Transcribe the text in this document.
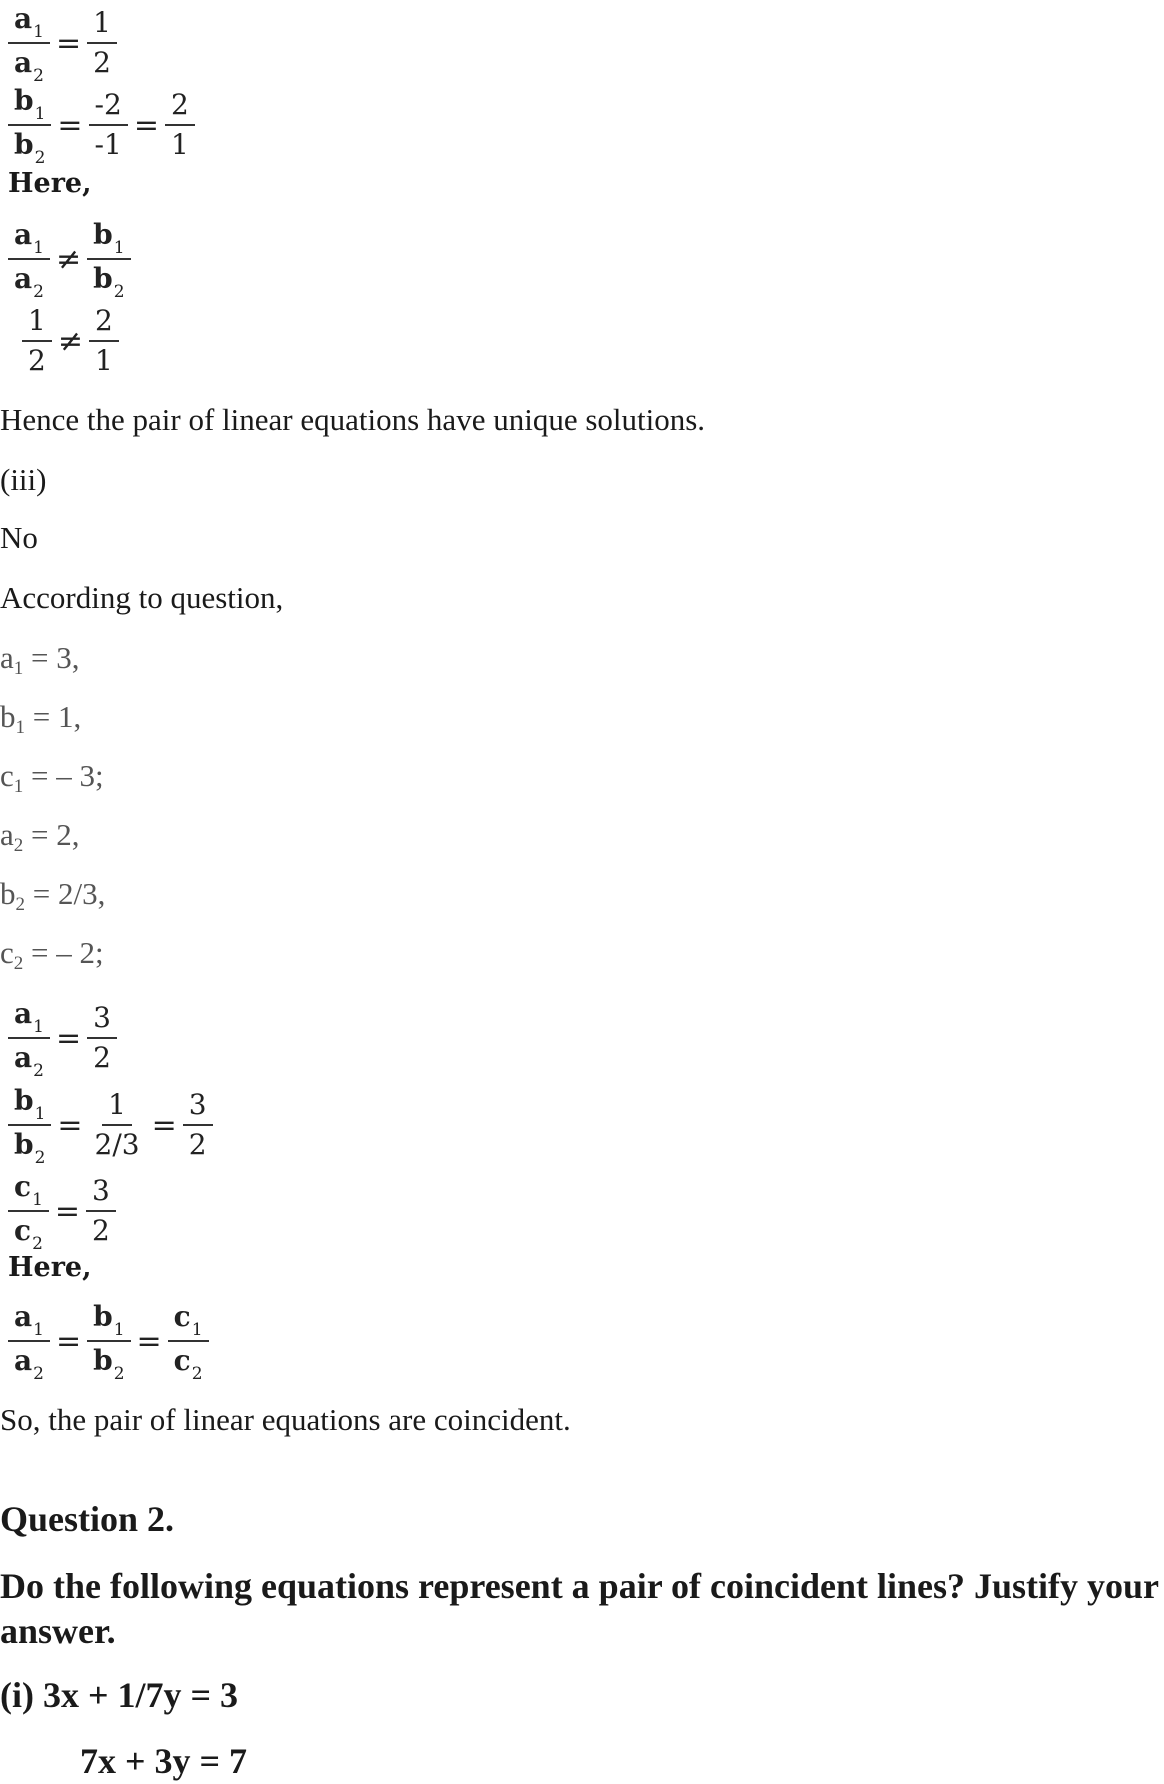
$\frac{a_1}{a_2} = \frac{1}{2}$
$\frac{b_1}{b_2} = \frac{-2}{-1} = \frac{2}{1}$
Here,
$\frac{a_1}{a_2} \ne \frac{b_1}{b_2}$
$\frac{1}{2} \ne \frac{2}{1}$
Hence the pair of linear equations have unique solutions.
(iii)
No
According to question,
a1 = 3,
b1 = 1,
c1 = – 3;
a2 = 2,
b2 = 2/3,
c2 = – 2;
$\frac{a_1}{a_2} = \frac{3}{2}$
$\frac{b_1}{b_2} = \frac{1}{2/3} = \frac{3}{2}$
$\frac{c_1}{c_2} = \frac{3}{2}$
Here,
$\frac{a_1}{a_2} = \frac{b_1}{b_2} = \frac{c_1}{c_2}$
So, the pair of linear equations are coincident.
Question 2.
Do the following equations represent a pair of coincident lines? Justify your answer.
(i) 3x + 1/7y = 3
7x + 3y = 7
